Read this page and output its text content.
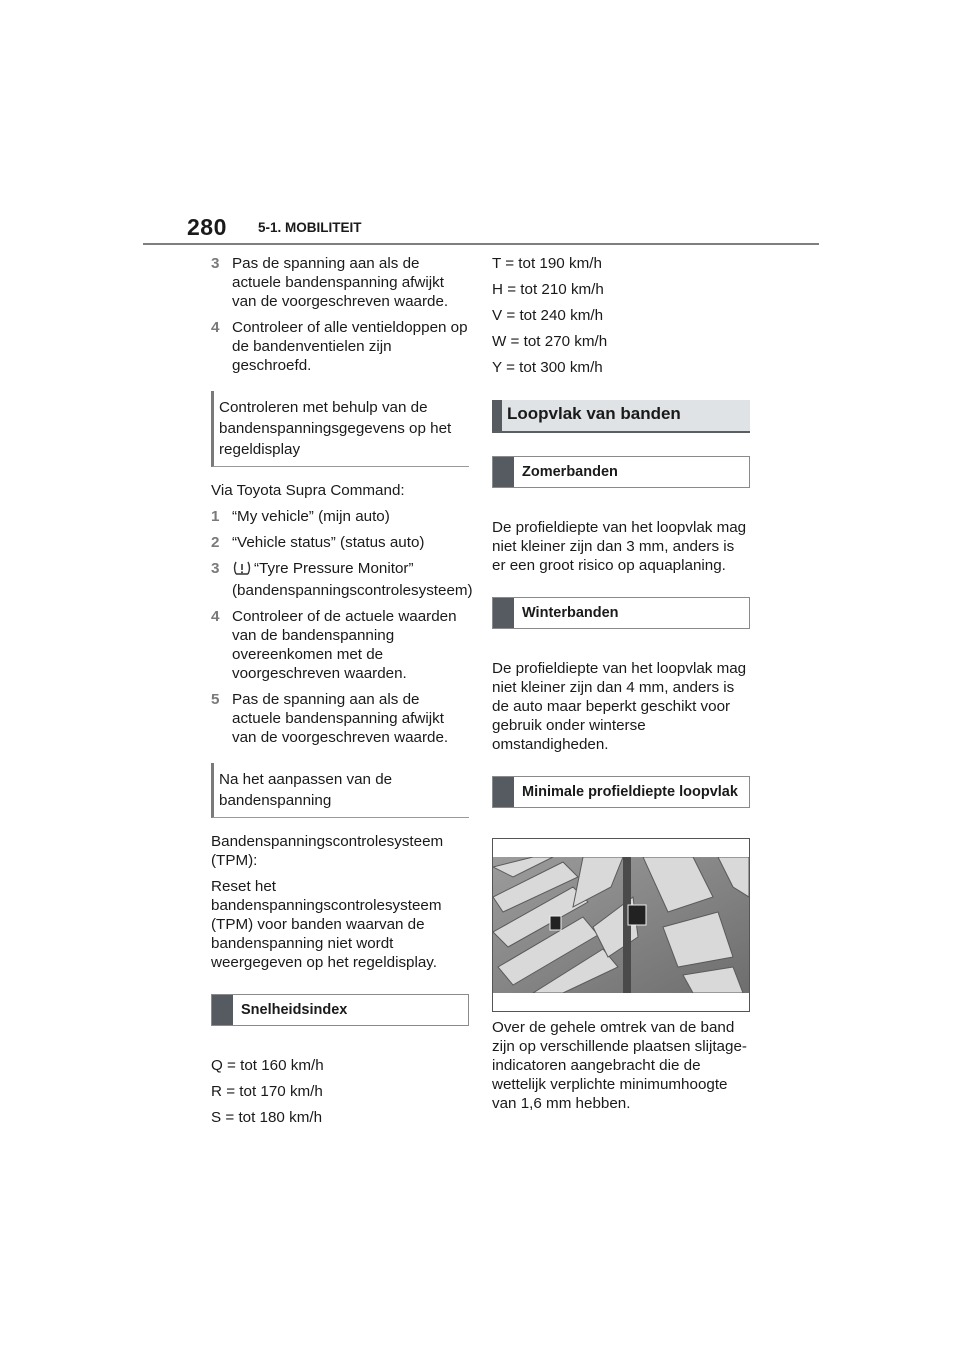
280 5-1. MOBILITEIT
3 Pas de spanning aan als de actuele bandenspanning afwijkt van de voorgeschreven waarde.
4 Controleer of alle ventieldoppen op de bandenventielen zijn geschroefd.
Controleren met behulp van de bandenspanningsgegevens op het regeldisplay

Via Toyota Supra Command:

1 “My vehicle” (mijn auto)
2 “Vehicle status” (status auto)
3	“Tyre Pressure Monitor” (bandenspanningscontrolesysteem)
4 Controleer of de actuele waarden van de bandenspanning overeenkomen met de voorgeschreven waarden.
5 Pas de spanning aan als de actuele bandenspanning afwijkt van de voorgeschreven waarde.
Na het aanpassen van de bandenspanning

Bandenspanningscontrolesysteem (TPM):

Reset het bandenspanningscontrolesysteem (TPM) voor banden waarvan de bandenspanning niet wordt weergegeven op het regeldisplay.

Snelheidsindex

Q = tot 160 km/h

R = tot 170 km/h

S = tot 180 km/h

T = tot 190 km/h

H = tot 210 km/h

V = tot 240 km/h

W = tot 270 km/h

Y = tot 300 km/h

Loopvlak van banden
Zomerbanden

De profieldiepte van het loopvlak mag niet kleiner zijn dan 3 mm, anders is er een groot risico op aquaplaning.

Winterbanden

De profieldiepte van het loopvlak mag niet kleiner zijn dan 4 mm, anders is de auto maar beperkt geschikt voor gebruik onder winterse omstandigheden.

Minimale profieldiepte loopvlak

Over de gehele omtrek van de band zijn op verschillende plaatsen slijtage-indicatoren aangebracht die de wettelijk verplichte minimumhoogte van 1,6 mm hebben.
